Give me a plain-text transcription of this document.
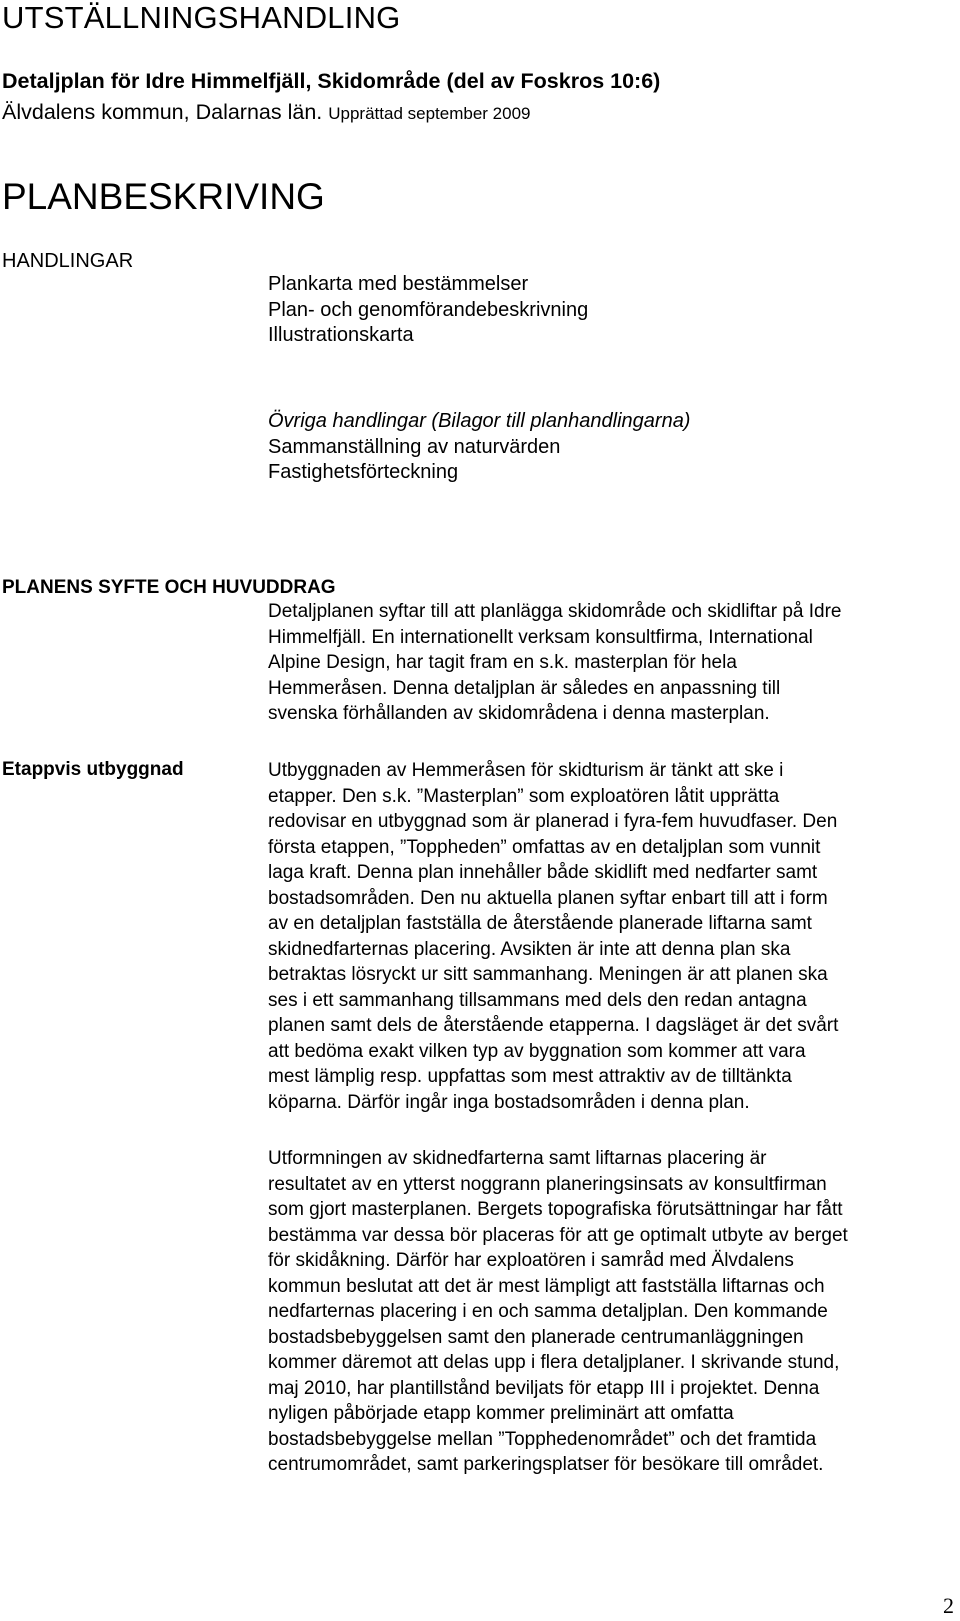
UTSTÄLLNINGSHANDLING
Detaljplan för Idre Himmelfjäll, Skidområde (del av Foskros 10:6)
Älvdalens kommun, Dalarnas län. Upprättad september 2009
PLANBESKRIVING
HANDLINGAR
Plankarta med bestämmelser
Plan- och genomförandebeskrivning
Illustrationskarta
Övriga handlingar (Bilagor till planhandlingarna)
Sammanställning av naturvärden
Fastighetsförteckning
PLANENS SYFTE OCH HUVUDDRAG
Detaljplanen syftar till att planlägga skidområde och skidliftar på Idre
Himmelfjäll. En internationellt verksam konsultfirma, International
Alpine Design, har tagit fram en s.k. masterplan för hela
Hemmeråsen. Denna detaljplan är således en anpassning till
svenska förhållanden av skidområdena i denna masterplan.
Etappvis utbyggnad	Utbyggnaden av Hemmeråsen för skidturism är tänkt att ske i
etapper. Den s.k. ”Masterplan” som exploatören låtit upprätta
redovisar en utbyggnad som är planerad i fyra-fem huvudfaser. Den
första etappen, ”Toppheden” omfattas av en detaljplan som vunnit
laga kraft. Denna plan innehåller både skidlift med nedfarter samt
bostadsområden. Den nu aktuella planen syftar enbart till att i form
av en detaljplan fastställa de återstående planerade liftarna samt
skidnedfarternas placering. Avsikten är inte att denna plan ska
betraktas lösryckt ur sitt sammanhang. Meningen är att planen ska
ses i ett sammanhang tillsammans med dels den redan antagna
planen samt dels de återstående etapperna. I dagsläget är det svårt
att bedöma exakt vilken typ av byggnation som kommer att vara
mest lämplig resp. uppfattas som mest attraktiv av de tilltänkta
köparna. Därför ingår inga bostadsområden i denna plan.
Utformningen av skidnedfarterna samt liftarnas placering är
resultatet av en ytterst noggrann planeringsinsats av konsultfirman
som gjort masterplanen. Bergets topografiska förutsättningar har fått
bestämma var dessa bör placeras för att ge optimalt utbyte av berget
för skidåkning. Därför har exploatören i samråd med Älvdalens
kommun beslutat att det är mest lämpligt att fastställa liftarnas och
nedfarternas placering i en och samma detaljplan. Den kommande
bostadsbebyggelsen samt den planerade centrumanläggningen
kommer däremot att delas upp i flera detaljplaner. I skrivande stund,
maj 2010, har plantillstånd beviljats för etapp III i projektet. Denna
nyligen påbörjade etapp kommer preliminärt att omfatta
bostadsbebyggelse mellan ”Topphedenområdet” och det framtida
centrumområdet, samt parkeringsplatser för besökare till området.
2
